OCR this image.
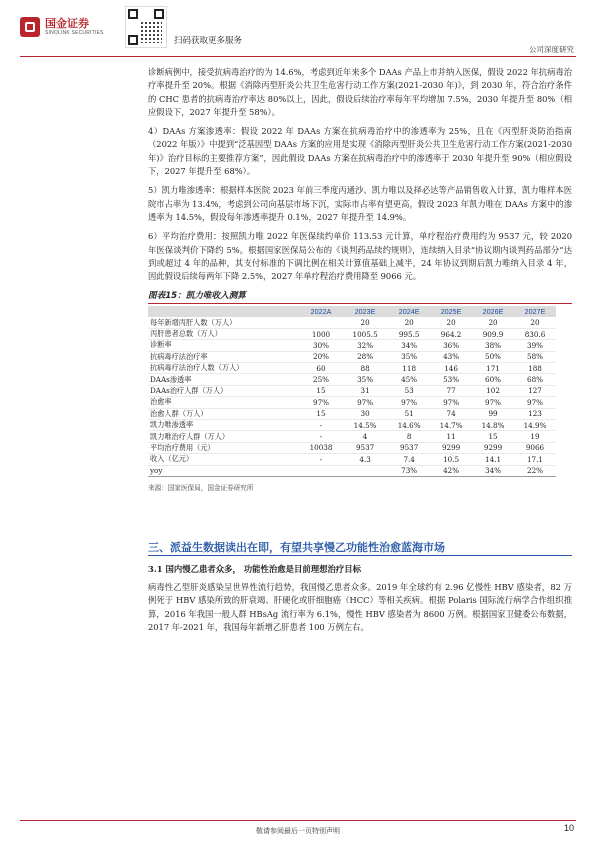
国金证券
SINOLINK SECURITIES
扫码获取更多服务
公司深度研究

诊断病例中，接受抗病毒治疗的为 14.6%，考虑到近年来多个 DAAs 产品上市并纳入医保，假设 2022 年抗病毒治疗率提升至 20%。根据《消除丙型肝炎公共卫生危害行动工作方案(2021-2030 年)》，到 2030 年，符合治疗条件的 CHC 患者的抗病毒治疗率达 80%以上，因此，假设后续治疗率每年平均增加 7.5%，2030 年提升至 80%（相应假设下，2027 年提升至 58%）。

4）DAAs 方案渗透率：假设 2022 年 DAAs 方案在抗病毒治疗中的渗透率为 25%，且在《丙型肝炎防治指南（2022 年版）》中提到“泛基因型 DAAs 方案的应用是实现《消除丙型肝炎公共卫生危害行动工作方案(2021-2030 年)》治疗目标的主要推荐方案”，因此假设 DAAs 方案在抗病毒治疗中的渗透率于 2030 年提升至 90%（相应假设下，2027 年提升至 68%）。

5）凯力唯渗透率：根据样本医院 2023 年前三季度丙通沙、凯力唯以及择必达等产品销售收入计算，凯力唯样本医院市占率为 13.4%，考虑到公司向基层市场下沉，实际市占率有望更高，假设 2023 年凯力唯在 DAAs 方案中的渗透率为 14.5%，假设每年渗透率提升 0.1%，2027 年提升至 14.9%。

6）平均治疗费用：按照凯力唯 2022 年医保续约单价 113.53 元计算，单疗程治疗费用约为 9537 元，较 2020 年医保谈判价下降约 5%。根据国家医保局公布的《谈判药品续约规则》，连续纳入目录“协议期内谈判药品部分”达到或超过 4 年的品种，其支付标准的下调比例在相关计算值基础上减半，24 年协议到期后凯力唯纳入目录 4 年，因此假设后续每两年下降 2.5%，2027 年单疗程治疗费用降至 9066 元。

图表15：凯力唯收入测算
	2022A	2023E	2024E	2025E	2026E	2027E
每年新增丙肝人数（万人）		20	20	20	20	20
丙肝患者总数（万人）	1000	1005.5	995.5	964.2	909.9	830.6
诊断率	30%	32%	34%	36%	38%	39%
抗病毒疗法治疗率	20%	28%	35%	43%	50%	58%
抗病毒疗法治疗人数（万人）	60	88	118	146	171	188
DAAs渗透率	25%	35%	45%	53%	60%	68%
DAAs治疗人群（万人）	15	31	53	77	102	127
治愈率	97%	97%	97%	97%	97%	97%
治愈人群（万人）	15	30	51	74	99	123
凯力唯渗透率	-	14.5%	14.6%	14.7%	14.8%	14.9%
凯力唯治疗人群（万人）	-	4	8	11	15	19
平均治疗费用（元）	10038	9537	9537	9299	9299	9066
收入（亿元）	-	4.3	7.4	10.5	14.1	17.1
yoy			73%	42%	34%	22%
来源：国家医保局，国金证券研究所
三、派益生数据读出在即，有望共享慢乙功能性治愈蓝海市场
3.1 国内慢乙患者众多， 功能性治愈是目前理想治疗目标

病毒性乙型肝炎感染呈世界性流行趋势，我国慢乙患者众多。2019 年全球约有 2.96 亿慢性 HBV 感染者，82 万例死于 HBV 感染所致的肝衰竭、肝硬化或肝细胞癌（HCC）等相关疾病。根据 Polaris 国际流行病学合作组织推算，2016 年我国一般人群 HBsAg 流行率为 6.1%，慢性 HBV 感染者为 8600 万例。根据国家卫健委公布数据，2017 年-2021 年，我国每年新增乙肝患者 100 万例左右。

敬请参阅最后一页特别声明	10
